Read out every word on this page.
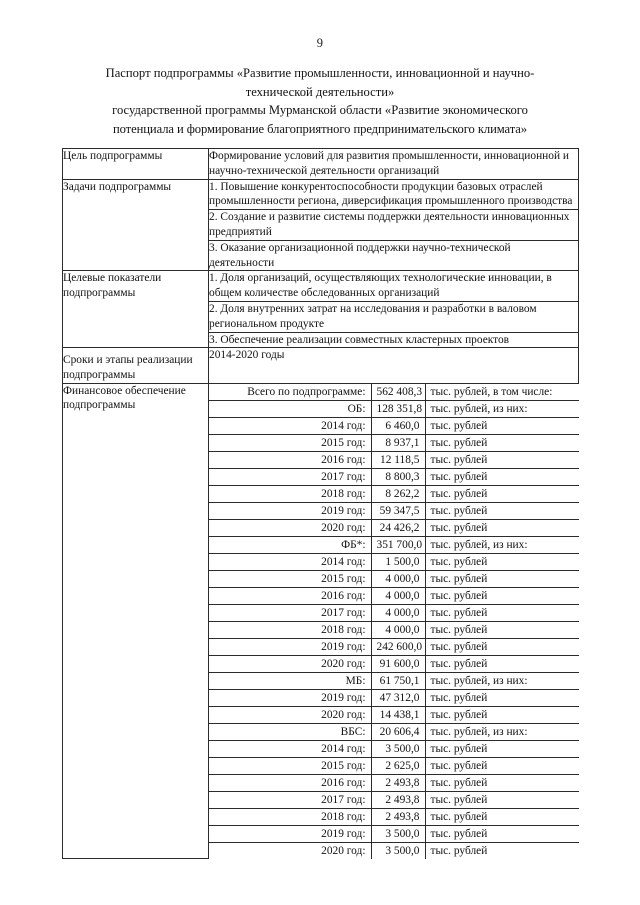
9
Паспорт подпрограммы «Развитие промышленности, инновационной и научно-
технической деятельности»
государственной программы Мурманской области «Развитие экономического
потенциала и формирование благоприятного предпринимательского климата»
Цель подпрограммы	Формирование условий для развития промышленности, инновационной и научно-технической деятельности организаций
Задачи подпрограммы	1. Повышение конкурентоспособности продукции базовых отраслей промышленности региона, диверсификация промышленного производства
2. Создание и развитие системы поддержки деятельности инновационных предприятий
3. Оказание организационной поддержки научно-технической деятельности
Целевые показатели подпрограммы	1. Доля организаций, осуществляющих технологические инновации, в общем количестве обследованных организаций
2. Доля внутренних затрат на исследования и разработки в валовом региональном продукте
3. Обеспечение реализации совместных кластерных проектов
Сроки и этапы реализации подпрограммы	2014-2020 годы
Финансовое обеспечение подпрограммы	
Всего по подпрограмме:	562 408,3	тыс. рублей, в том числе:
ОБ:	128 351,8	тыс. рублей, из них:
2014 год:	6 460,0	тыс. рублей
2015 год:	8 937,1	тыс. рублей
2016 год:	12 118,5	тыс. рублей
2017 год:	8 800,3	тыс. рублей
2018 год:	8 262,2	тыс. рублей
2019 год:	59 347,5	тыс. рублей
2020 год:	24 426,2	тыс. рублей
ФБ*:	351 700,0	тыс. рублей, из них:
2014 год:	1 500,0	тыс. рублей
2015 год:	4 000,0	тыс. рублей
2016 год:	4 000,0	тыс. рублей
2017 год:	4 000,0	тыс. рублей
2018 год:	4 000,0	тыс. рублей
2019 год:	242 600,0	тыс. рублей
2020 год:	91 600,0	тыс. рублей
МБ:	61 750,1	тыс. рублей, из них:
2019 год:	47 312,0	тыс. рублей
2020 год:	14 438,1	тыс. рублей
ВБС:	20 606,4	тыс. рублей, из них:
2014 год:	3 500,0	тыс. рублей
2015 год:	2 625,0	тыс. рублей
2016 год:	2 493,8	тыс. рублей
2017 год:	2 493,8	тыс. рублей
2018 год:	2 493,8	тыс. рублей
2019 год:	3 500,0	тыс. рублей
2020 год:	3 500,0	тыс. рублей
